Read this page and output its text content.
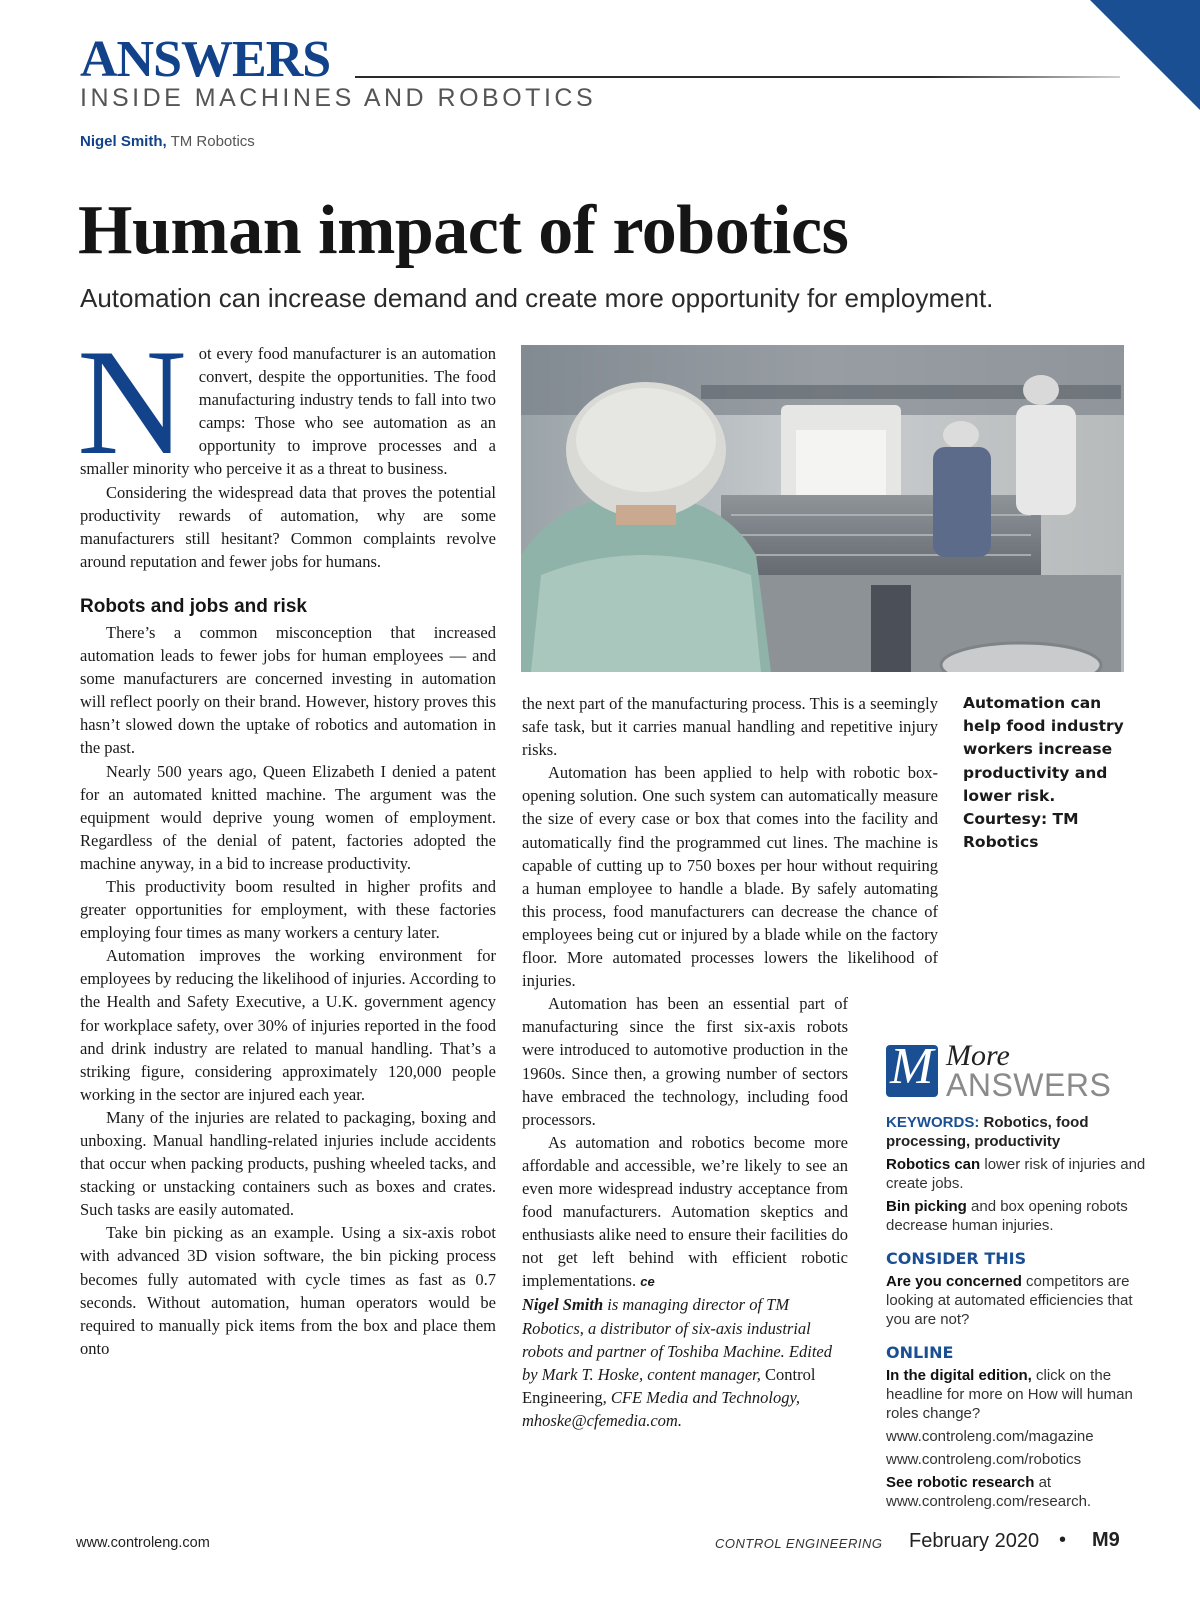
ANSWERS
INSIDE MACHINES AND ROBOTICS
Nigel Smith, TM Robotics
Human impact of robotics
Automation can increase demand and create more opportunity for employment.
N ot every food manufacturer is an automation convert, despite the opportunities. The food manufacturing industry tends to fall into two camps: Those who see automation as an opportunity to improve processes and a smaller minority who perceive it as a threat to business.

Considering the widespread data that proves the potential productivity rewards of automation, why are some manufacturers still hesitant? Common complaints revolve around reputation and fewer jobs for humans.

Robots and jobs and risk

There’s a common misconception that increased automation leads to fewer jobs for human employees — and some manufacturers are concerned investing in automation will reflect poorly on their brand. However, history proves this hasn’t slowed down the uptake of robotics and automation in the past.

Nearly 500 years ago, Queen Elizabeth I denied a patent for an automated knitted machine. The argument was the equipment would deprive young women of employment. Regardless of the denial of patent, factories adopted the machine anyway, in a bid to increase productivity.

This productivity boom resulted in higher profits and greater opportunities for employment, with these factories employing four times as many workers a century later.

Automation improves the working environment for employees by reducing the likelihood of injuries. According to the Health and Safety Executive, a U.K. government agency for workplace safety, over 30% of injuries reported in the food and drink industry are related to manual handling. That’s a striking figure, considering approximately 120,000 people working in the sector are injured each year.

Many of the injuries are related to packaging, boxing and unboxing. Manual handling-related injuries include accidents that occur when packing products, pushing wheeled tacks, and stacking or unstacking containers such as boxes and crates. Such tasks are easily automated.

Take bin picking as an example. Using a six-axis robot with advanced 3D vision software, the bin picking process becomes fully automated with cycle times as fast as 0.7 seconds. Without automation, human operators would be required to manually pick items from the box and place them onto

Automation can help food industry workers increase productivity and lower risk. Courtesy: TM Robotics

the next part of the manufacturing process. This is a seemingly safe task, but it carries manual handling and repetitive injury risks.

Automation has been applied to help with robotic box-opening solution. One such system can automatically measure the size of every case or box that comes into the facility and automatically find the programmed cut lines. The machine is capable of cutting up to 750 boxes per hour without requiring a human employee to handle a blade. By safely automating this process, food manufacturers can decrease the chance of employees being cut or injured by a blade while on the factory floor. More automated processes lowers the likelihood of injuries.

Automation has been an essential part of manufacturing since the first six-axis robots were introduced to automotive production in the 1960s. Since then, a growing number of sectors have embraced the technology, including food processors.

As automation and robotics become more affordable and accessible, we’re likely to see an even more widespread industry acceptance from food manufacturers. Automation skeptics and enthusiasts alike need to ensure their facilities do not get left behind with efficient robotic implementations. ce

Nigel Smith is managing director of TM Robotics, a distributor of six-axis industrial robots and partner of Toshiba Machine. Edited by Mark T. Hoske, content manager, Control Engineering, CFE Media and Technology, mhoske@cfemedia.com.

M More
ANSWERS

KEYWORDS: Robotics, food processing, productivity

Robotics can lower risk of injuries and create jobs.

Bin picking and box opening robots decrease human injuries.

CONSIDER THIS

Are you concerned competitors are looking at automated efficiencies that you are not?

ONLINE

In the digital edition, click on the headline for more on How will human roles change?

www.controleng.com/magazine

www.controleng.com/robotics

See robotic research at www.controleng.com/research.

www.controleng.com	CONTROL ENGINEERING February 2020 • M9
